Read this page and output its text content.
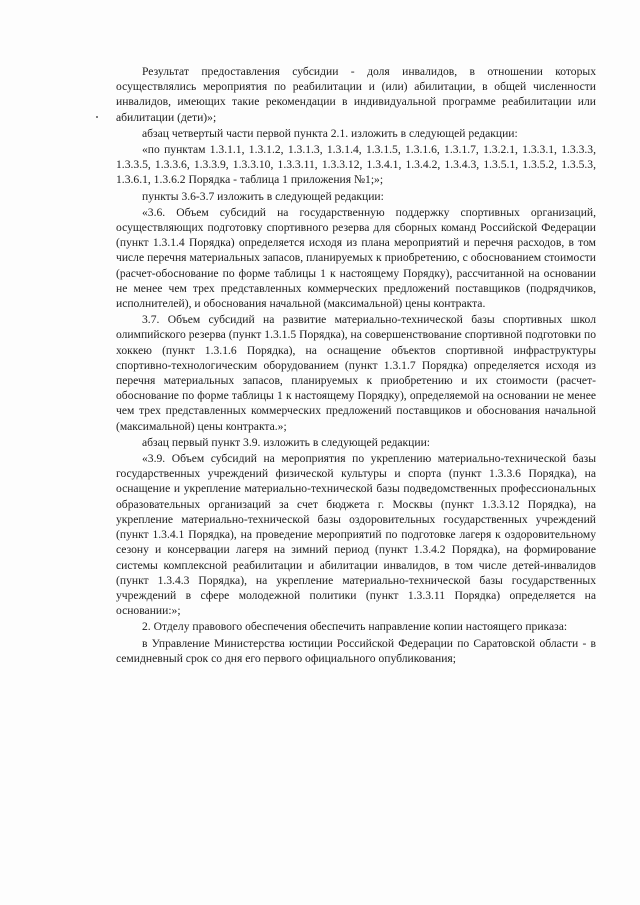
Результат предоставления субсидии - доля инвалидов, в отношении которых осуществлялись мероприятия по реабилитации и (или) абилитации, в общей численности инвалидов, имеющих такие рекомендации в индивидуальной программе реабилитации или абилитации (дети)»;

абзац четвертый части первой пункта 2.1. изложить в следующей редакции:

«по пунктам 1.3.1.1, 1.3.1.2, 1.3.1.3, 1.3.1.4, 1.3.1.5, 1.3.1.6, 1.3.1.7, 1.3.2.1, 1.3.3.1, 1.3.3.3, 1.3.3.5, 1.3.3.6, 1.3.3.9, 1.3.3.10, 1.3.3.11, 1.3.3.12, 1.3.4.1, 1.3.4.2, 1.3.4.3, 1.3.5.1, 1.3.5.2, 1.3.5.3, 1.3.6.1, 1.3.6.2 Порядка - таблица 1 приложения №1;»;

пункты 3.6-3.7 изложить в следующей редакции:

«3.6. Объем субсидий на государственную поддержку спортивных организаций, осуществляющих подготовку спортивного резерва для сборных команд Российской Федерации (пункт 1.3.1.4 Порядка) определяется исходя из плана мероприятий и перечня расходов, в том числе перечня материальных запасов, планируемых к приобретению, с обоснованием стоимости (расчет-обоснование по форме таблицы 1 к настоящему Порядку), рассчитанной на основании не менее чем трех представленных коммерческих предложений поставщиков (подрядчиков, исполнителей), и обоснования начальной (максимальной) цены контракта.

3.7. Объем субсидий на развитие материально-технической базы спортивных школ олимпийского резерва (пункт 1.3.1.5 Порядка), на совершенствование спортивной подготовки по хоккею (пункт 1.3.1.6 Порядка), на оснащение объектов спортивной инфраструктуры спортивно-технологическим оборудованием (пункт 1.3.1.7 Порядка) определяется исходя из перечня материальных запасов, планируемых к приобретению и их стоимости (расчет-обоснование по форме таблицы 1 к настоящему Порядку), определяемой на основании не менее чем трех представленных коммерческих предложений поставщиков и обоснования начальной (максимальной) цены контракта.»;

абзац первый пункт 3.9. изложить в следующей редакции:

«3.9. Объем субсидий на мероприятия по укреплению материально-технической базы государственных учреждений физической культуры и спорта (пункт 1.3.3.6 Порядка), на оснащение и укрепление материально-технической базы подведомственных профессиональных образовательных организаций за счет бюджета г. Москвы (пункт 1.3.3.12 Порядка), на укрепление материально-технической базы оздоровительных государственных учреждений (пункт 1.3.4.1 Порядка), на проведение мероприятий по подготовке лагеря к оздоровительному сезону и консервации лагеря на зимний период (пункт 1.3.4.2 Порядка), на формирование системы комплексной реабилитации и абилитации инвалидов, в том числе детей-инвалидов (пункт 1.3.4.3 Порядка), на укрепление материально-технической базы государственных учреждений в сфере молодежной политики (пункт 1.3.3.11 Порядка) определяется на основании:»;

2. Отделу правового обеспечения обеспечить направление копии настоящего приказа:

в Управление Министерства юстиции Российской Федерации по Саратовской области - в семидневный срок со дня его первого официального опубликования;
